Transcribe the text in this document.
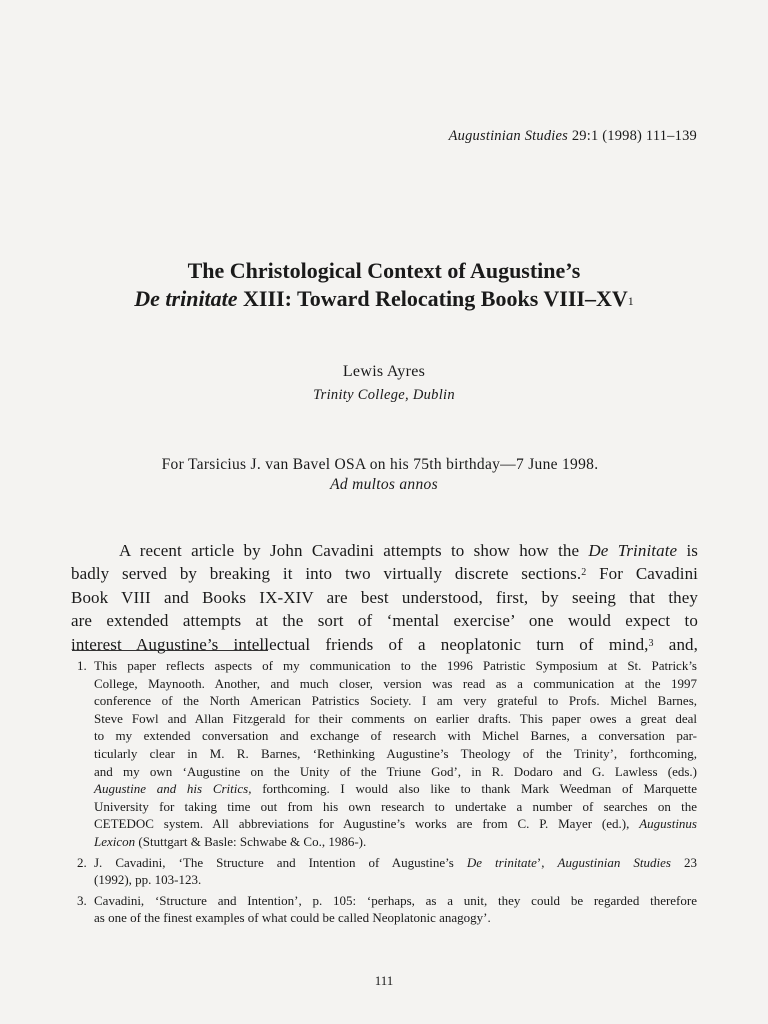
Augustinian Studies 29:1 (1998) 111–139
The Christological Context of Augustine’s
De trinitate XIII: Toward Relocating Books VIII–$XV^1$
Lewis Ayres
Trinity College, Dublin
For Tarsicius J. van Bavel OSA on his 75th birthday—7 June 1998.
Ad multos annos
A recent article by John Cavadini attempts to show how the De Trinitate is
badly served by breaking it into two virtually discrete sections.$^2$ For Cavadini
Book VIII and Books IX-XIV are best understood, first, by seeing that they
are extended attempts at the sort of ‘mental exercise’ one would expect to
interest Augustine’s intellectual friends of a neoplatonic turn of mind,$^3$ and,
1. This paper reflects aspects of my communication to the 1996 Patristic Symposium at St. Patrick’s
College, Maynooth. Another, and much closer, version was read as a communication at the 1997
conference of the North American Patristics Society. I am very grateful to Profs. Michel Barnes,
Steve Fowl and Allan Fitzgerald for their comments on earlier drafts. This paper owes a great deal
to my extended conversation and exchange of research with Michel Barnes, a conversation par-
ticularly clear in M. R. Barnes, ‘Rethinking Augustine’s Theology of the Trinity’, forthcoming,
and my own ‘Augustine on the Unity of the Triune God’, in R. Dodaro and G. Lawless (eds.)
Augustine and his Critics, forthcoming. I would also like to thank Mark Weedman of Marquette
University for taking time out from his own research to undertake a number of searches on the
CETEDOC system. All abbreviations for Augustine’s works are from C. P. Mayer (ed.), Augustinus
Lexicon (Stuttgart & Basle: Schwabe & Co., 1986-).
2. J. Cavadini, ‘The Structure and Intention of Augustine’s De trinitate’, Augustinian Studies 23
(1992), pp. 103-123.
3. Cavadini, ‘Structure and Intention’, p. 105: ‘perhaps, as a unit, they could be regarded therefore
as one of the finest examples of what could be called Neoplatonic anagogy’.
111
